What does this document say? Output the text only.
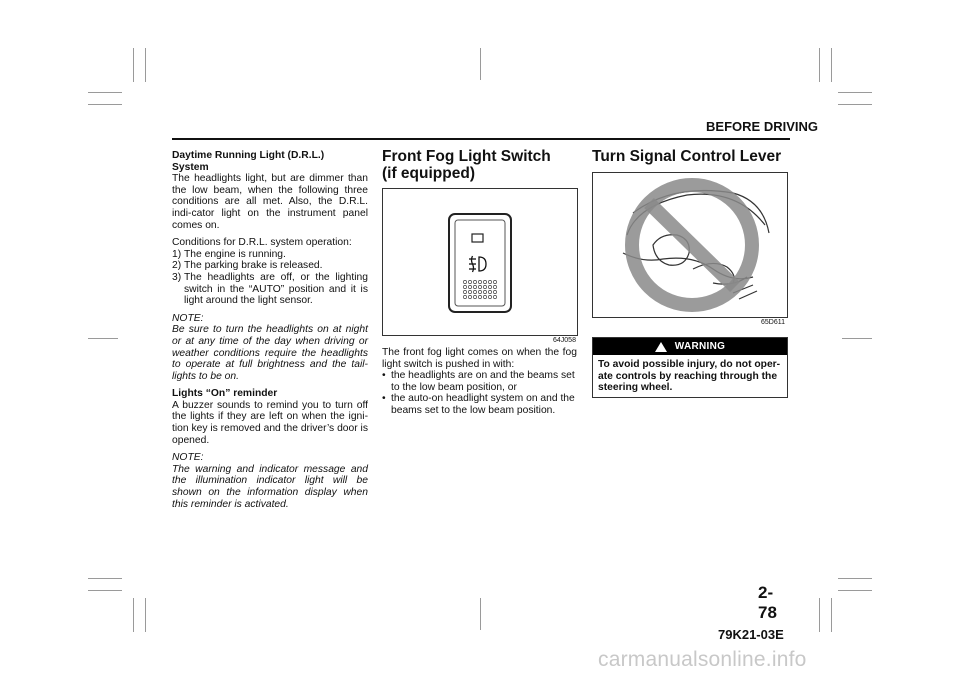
BEFORE DRIVING

Daytime Running Light (D.R.L.)
System

The headlights light, but are dimmer than the low beam, when the following three conditions are all met. Also, the D.R.L. indi-cator light on the instrument panel comes on.

Conditions for D.R.L. system operation:

1) The engine is running.
2) The parking brake is released.
3) The headlights are off, or the lighting switch in the “AUTO” position and it is light around the light sensor.

NOTE:

Be sure to turn the headlights on at night or at any time of the day when driving or weather conditions require the headlights to operate at full brightness and the tail-lights to be on.

Lights “On” reminder

A buzzer sounds to remind you to turn off the lights if they are left on when the igni-tion key is removed and the driver’s door is opened.

NOTE:

The warning and indicator message and the illumination indicator light will be shown on the information display when this reminder is activated.

Front Fog Light Switch
(if equipped)
64J058

The front fog light comes on when the fog light switch is pushed in with:

• the headlights are on and the beams set to the low beam position, or
• the auto-on headlight system on and the beams set to the low beam position.
Turn Signal Control Lever
65D611
WARNING
To avoid possible injury, do not oper-ate controls by reaching through the steering wheel.
2-78
79K21-03E
carmanualsonline.info
